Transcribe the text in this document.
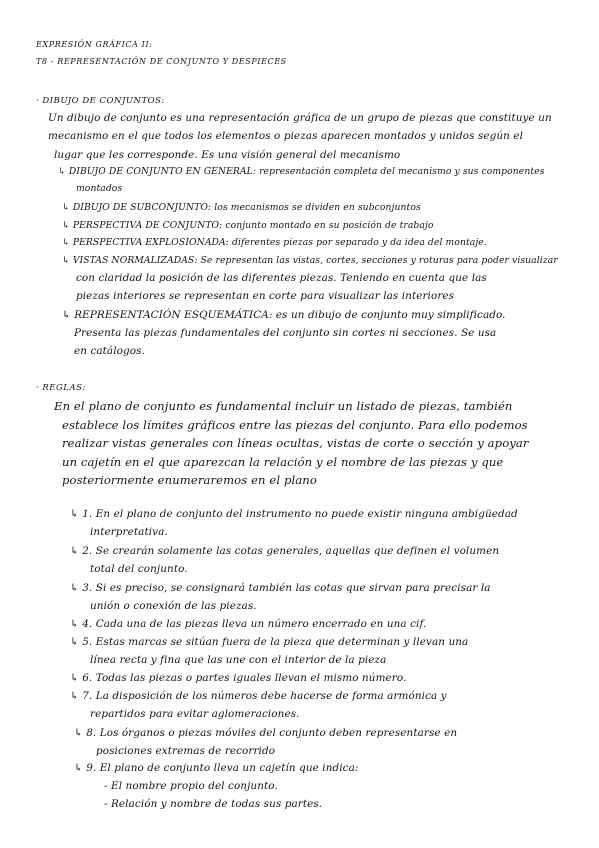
EXPRESIÓN GRÁFICA II:
T8 - REPRESENTACIÓN DE CONJUNTO Y DESPIECES
· DIBUJO DE CONJUNTOS:
Un dibujo de conjunto es una representación gráfica de un grupo de piezas que constituye un
mecanismo en el que todos los elementos o piezas aparecen montados y unidos según el
lugar que les corresponde. Es una visión general del mecanismo
↳ DIBUJO DE CONJUNTO EN GENERAL: representación completa del mecanismo y sus componentes
montados
↳ DIBUJO DE SUBCONJUNTO: los mecanismos se dividen en subconjuntos
↳ PERSPECTIVA DE CONJUNTO: conjunto montado en su posición de trabajo
↳ PERSPECTIVA EXPLOSIONADA: diferentes piezas por separado y da idea del montaje.
↳ VISTAS NORMALIZADAS: Se representan las vistas, cortes, secciones y roturas para poder visualizar
con claridad la posición de las diferentes piezas. Teniendo en cuenta que las
piezas interiores se representan en corte para visualizar las interiores
↳ REPRESENTACIÓN ESQUEMÁTICA: es un dibujo de conjunto muy simplificado.
Presenta las piezas fundamentales del conjunto sin cortes ni secciones. Se usa
en catálogos.
· REGLAS:
En el plano de conjunto es fundamental incluir un listado de piezas, también
establece los límites gráficos entre las piezas del conjunto. Para ello podemos
realizar vistas generales con líneas ocultas, vistas de corte o sección y apoyar
un cajetín en el que aparezcan la relación y el nombre de las piezas y que
posteriormente enumeraremos en el plano
↳ 1. En el plano de conjunto del instrumento no puede existir ninguna ambigüedad
interpretativa.
↳ 2. Se crearán solamente las cotas generales, aquellas que definen el volumen
total del conjunto.
↳ 3. Si es preciso, se consignará también las cotas que sirvan para precisar la
unión o conexión de las piezas.
↳ 4. Cada una de las piezas lleva un número encerrado en una cif.
↳ 5. Estas marcas se sitúan fuera de la pieza que determinan y llevan una
línea recta y fina que las une con el interior de la pieza
↳ 6. Todas las piezas o partes iguales llevan el mismo número.
↳ 7. La disposición de los números debe hacerse de forma armónica y
repartidos para evitar aglomeraciones.
↳ 8. Los órganos o piezas móviles del conjunto deben representarse en
posiciones extremas de recorrido
↳ 9. El plano de conjunto lleva un cajetín que indica:
- El nombre propio del conjunto.
- Relación y nombre de todas sus partes.
